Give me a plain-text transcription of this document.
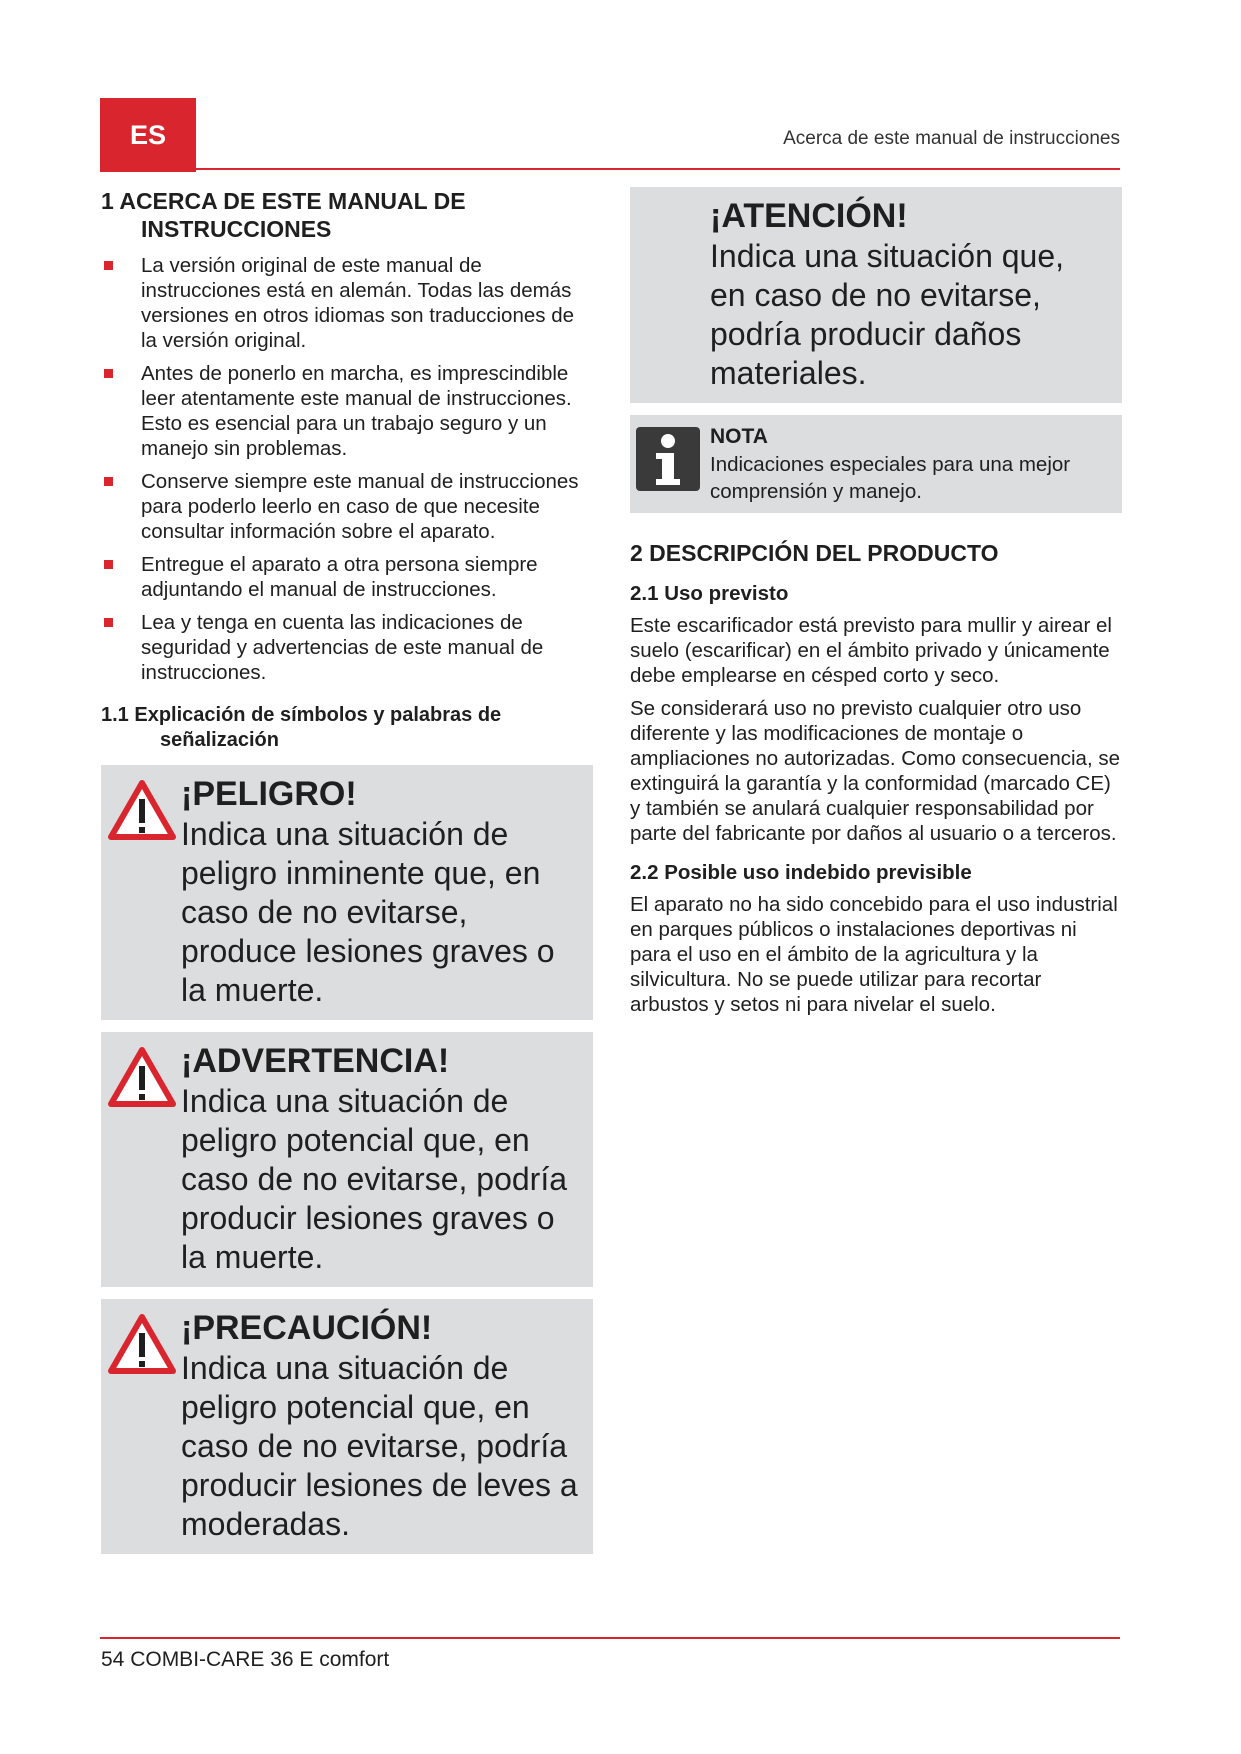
ES	Acerca de este manual de instrucciones
1 ACERCA DE ESTE MANUAL DE INSTRUCCIONES
La versión original de este manual de instrucciones está en alemán. Todas las demás versiones en otros idiomas son traducciones de la versión original.
Antes de ponerlo en marcha, es imprescindible leer atentamente este manual de instrucciones. Esto es esencial para un trabajo seguro y un manejo sin problemas.
Conserve siempre este manual de instrucciones para poderlo leerlo en caso de que necesite consultar información sobre el aparato.
Entregue el aparato a otra persona siempre adjuntando el manual de instrucciones.
Lea y tenga en cuenta las indicaciones de seguridad y advertencias de este manual de instrucciones.
1.1 Explicación de símbolos y palabras de señalización
¡PELIGRO!
Indica una situación de peligro inminente que, en caso de no evitarse, produce lesiones graves o la muerte.
¡ADVERTENCIA!
Indica una situación de peligro potencial que, en caso de no evitarse, podría producir lesiones graves o la muerte.
¡PRECAUCIÓN!
Indica una situación de peligro potencial que, en caso de no evitarse, podría producir lesiones de leves a moderadas.
¡ATENCIÓN!
Indica una situación que, en caso de no evitarse, podría producir daños materiales.
NOTA
Indicaciones especiales para una mejor comprensión y manejo.
2 DESCRIPCIÓN DEL PRODUCTO
2.1 Uso previsto

Este escarificador está previsto para mullir y airear el suelo (escarificar) en el ámbito privado y únicamente debe emplearse en césped corto y seco.

Se considerará uso no previsto cualquier otro uso diferente y las modificaciones de montaje o ampliaciones no autorizadas. Como consecuencia, se extinguirá la garantía y la conformidad (marcado CE) y también se anulará cualquier responsabilidad por parte del fabricante por daños al usuario o a terceros.

2.2 Posible uso indebido previsible

El aparato no ha sido concebido para el uso industrial en parques públicos o instalaciones deportivas ni para el uso en el ámbito de la agricultura y la silvicultura. No se puede utilizar para recortar arbustos y setos ni para nivelar el suelo.

54 COMBI-CARE 36 E comfort
